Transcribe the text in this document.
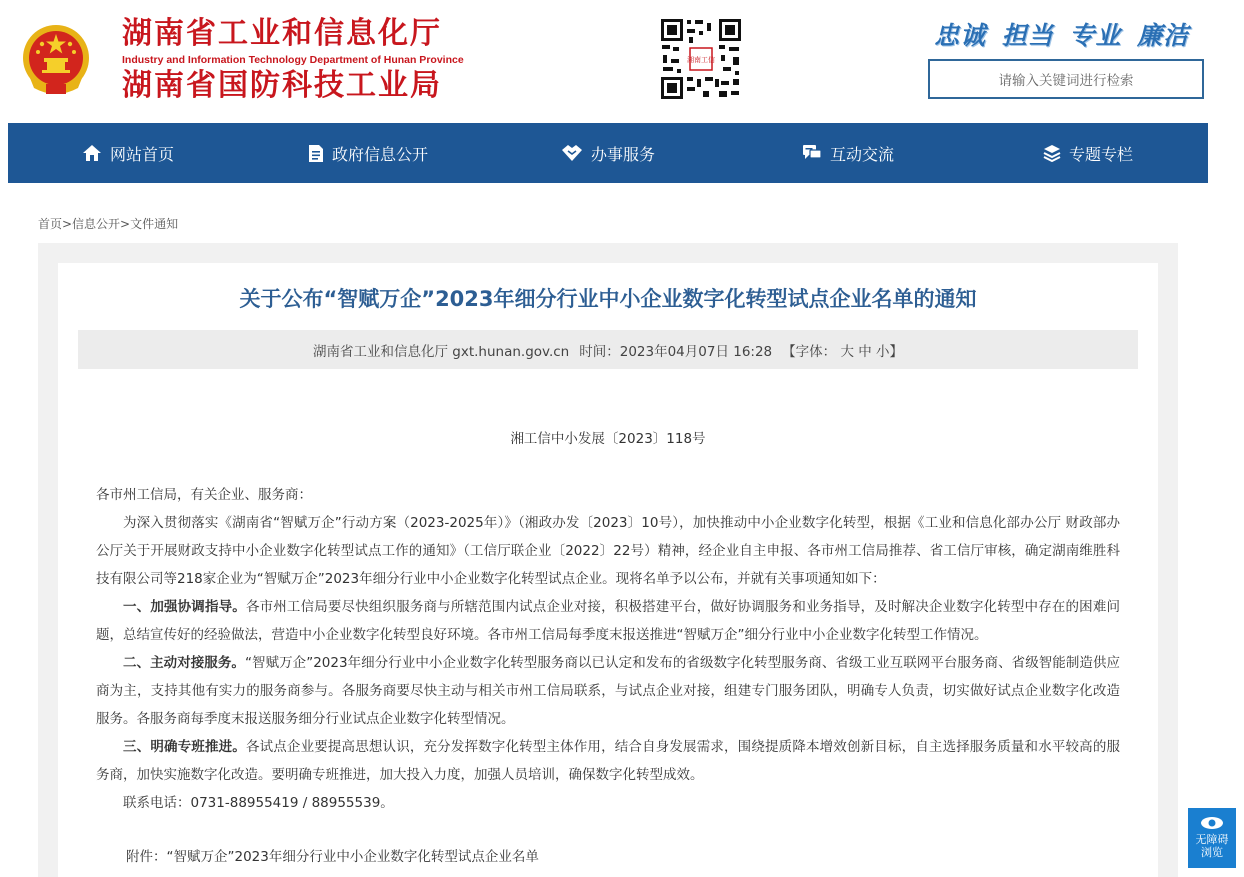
湖南省工业和信息化厅
Industry and Information Technology Department of Hunan Province
湖南省国防科技工业局
湘南工信
忠诚 担当 专业 廉洁
请输入关键词进行检索
网站首页	政府信息公开	办事服务	互动交流	专题专栏
首页>信息公开>文件通知
关于公布“智赋万企”2023年细分行业中小企业数字化转型试点企业名单的通知
湖南省工业和信息化厅 gxt.hunan.gov.cn 时间：2023年04月07日 16:28 【字体： 大 中 小】
湘工信中小发展〔2023〕118号

各市州工信局，有关企业、服务商：

为深入贯彻落实《湖南省“智赋万企”行动方案（2023-2025年）》（湘政办发〔2023〕10号），加快推动中小企业数字化转型，根据《工业和信息化部办公厅 财政部办公厅关于开展财政支持中小企业数字化转型试点工作的通知》（工信厅联企业〔2022〕22号）精神，经企业自主申报、各市州工信局推荐、省工信厅审核，确定湖南维胜科技有限公司等218家企业为“智赋万企”2023年细分行业中小企业数字化转型试点企业。现将名单予以公布，并就有关事项通知如下：

一、加强协调指导。各市州工信局要尽快组织服务商与所辖范围内试点企业对接，积极搭建平台，做好协调服务和业务指导，及时解决企业数字化转型中存在的困难问题，总结宣传好的经验做法，营造中小企业数字化转型良好环境。各市州工信局每季度末报送推进“智赋万企”细分行业中小企业数字化转型工作情况。

二、主动对接服务。“智赋万企”2023年细分行业中小企业数字化转型服务商以已认定和发布的省级数字化转型服务商、省级工业互联网平台服务商、省级智能制造供应商为主，支持其他有实力的服务商参与。各服务商要尽快主动与相关市州工信局联系，与试点企业对接，组建专门服务团队，明确专人负责，切实做好试点企业数字化改造服务。各服务商每季度末报送服务细分行业试点企业数字化转型情况。

三、明确专班推进。各试点企业要提高思想认识，充分发挥数字化转型主体作用，结合自身发展需求，围绕提质降本增效创新目标，自主选择服务质量和水平较高的服务商，加快实施数字化改造。要明确专班推进，加大投入力度，加强人员培训，确保数字化转型成效。

联系电话：0731-88955419 / 88955539。

附件：“智赋万企”2023年细分行业中小企业数字化转型试点企业名单
无障碍
浏览
